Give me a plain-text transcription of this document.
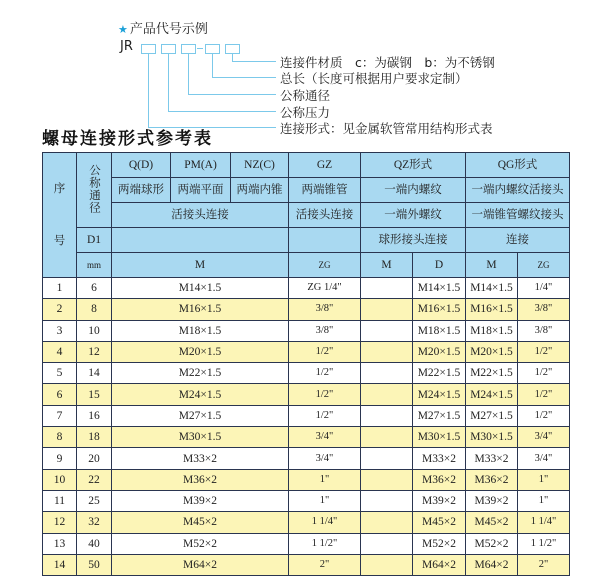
★ 产品代号示例
JR
连接件材质　c：为碳钢　b：为不锈钢
总长（长度可根据用户要求定制）
公称通径
公称压力
连接形式：见金属软管常用结构形式表
螺母连接形式参考表
序
号	公称通径	Q(D)	PM(A)	NZ(C)	GZ	QZ形式		QG形式	
		两端球形	两端平面	两端内锥	两端锥管	一端内螺纹		一端内螺纹活接头	
		活接头连接			活接头连接	一端外螺纹		一端锥管螺纹接头	
	D1					球形接头连接		连接	
	mm	M			ZG	M	D	M	ZG
1	6	M14×1.5			ZG 1/4"		M14×1.5	M14×1.5	1/4"
2	8	M16×1.5			3/8"		M16×1.5	M16×1.5	3/8"
3	10	M18×1.5			3/8"		M18×1.5	M18×1.5	3/8"
4	12	M20×1.5			1/2"		M20×1.5	M20×1.5	1/2"
5	14	M22×1.5			1/2"		M22×1.5	M22×1.5	1/2"
6	15	M24×1.5			1/2"		M24×1.5	M24×1.5	1/2"
7	16	M27×1.5			1/2"		M27×1.5	M27×1.5	1/2"
8	18	M30×1.5			3/4"		M30×1.5	M30×1.5	3/4"
9	20	M33×2			3/4"		M33×2	M33×2	3/4"
10	22	M36×2			1"		M36×2	M36×2	1"
11	25	M39×2			1"		M39×2	M39×2	1"
12	32	M45×2			1 1/4"		M45×2	M45×2	1 1/4"
13	40	M52×2			1 1/2"		M52×2	M52×2	1 1/2"
14	50	M64×2			2"		M64×2	M64×2	2"
